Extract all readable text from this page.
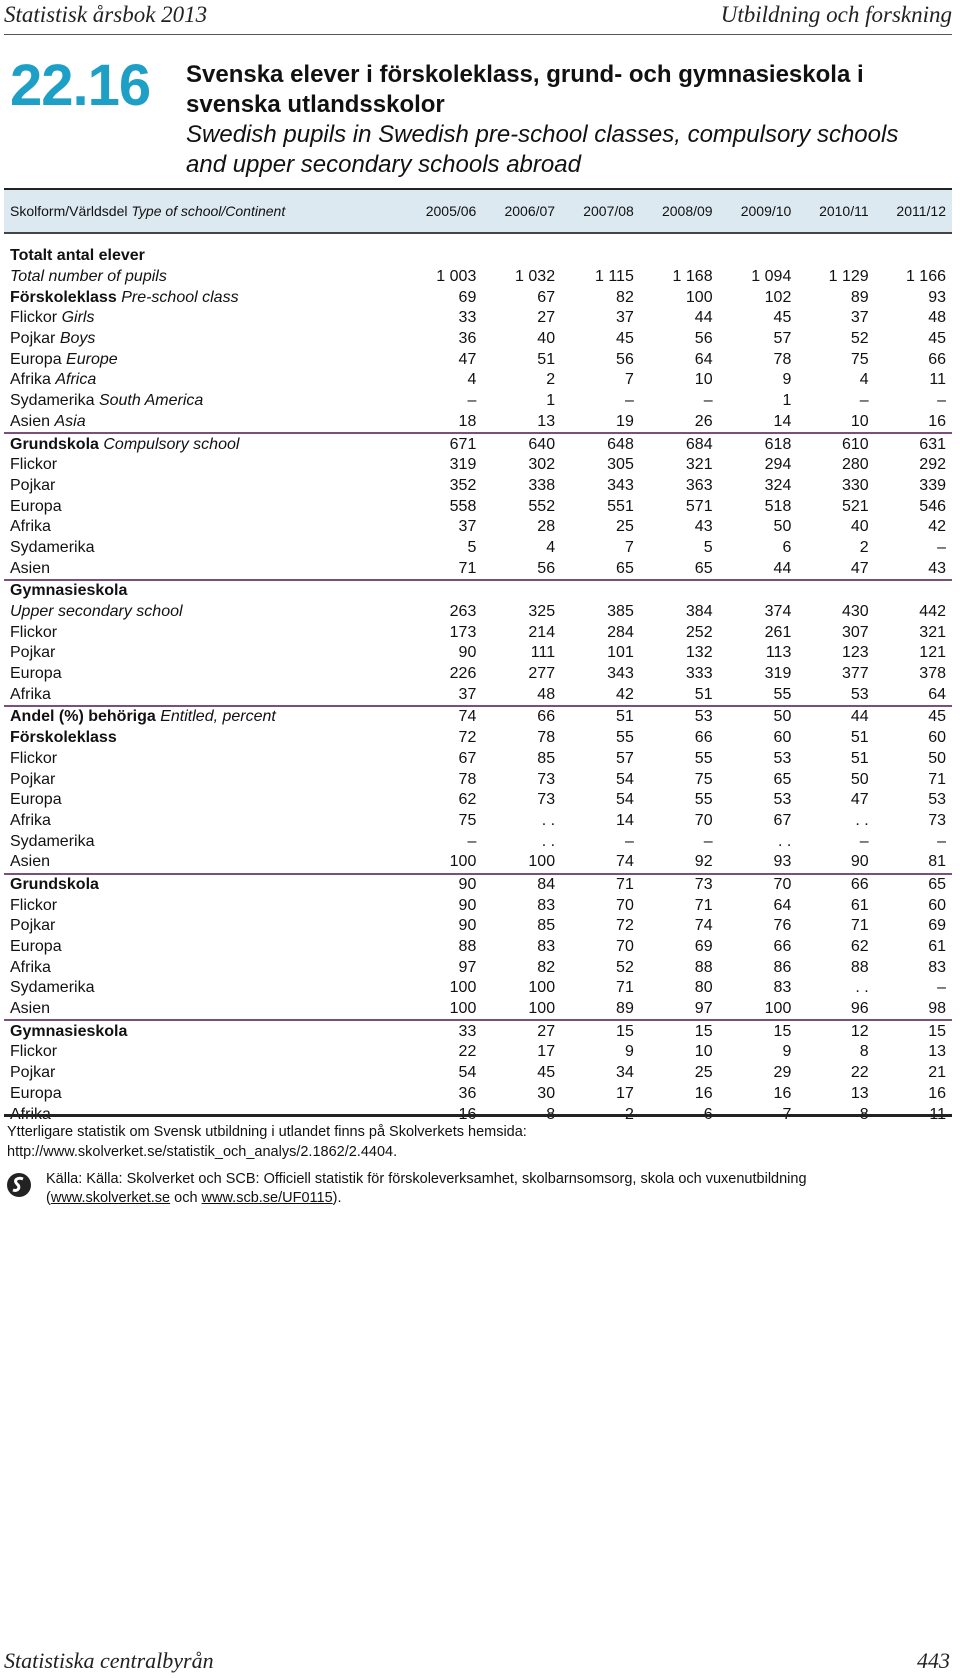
Statistisk årsbok 2013	Utbildning och forskning
22.16 Svenska elever i förskoleklass, grund- och gymnasieskola i
svenska utlandsskolor
Swedish pupils in Swedish pre-school classes, compulsory schools
and upper secondary schools abroad
Skolform/Världsdel Type of school/Continent	2005/06	2006/07	2007/08	2008/09	2009/10	2010/11	2011/12

Totalt antal elever							
Total number of pupils	1 003	1 032	1 115	1 168	1 094	1 129	1 166
Förskoleklass Pre-school class	69	67	82	100	102	89	93
Flickor Girls	33	27	37	44	45	37	48
Pojkar Boys	36	40	45	56	57	52	45
Europa Europe	47	51	56	64	78	75	66
Afrika Africa	4	2	7	10	9	4	11
Sydamerika South America	–	1	–	–	1	–	–
Asien Asia	18	13	19	26	14	10	16
Grundskola Compulsory school	671	640	648	684	618	610	631
Flickor	319	302	305	321	294	280	292
Pojkar	352	338	343	363	324	330	339
Europa	558	552	551	571	518	521	546
Afrika	37	28	25	43	50	40	42
Sydamerika	5	4	7	5	6	2	–
Asien	71	56	65	65	44	47	43
Gymnasieskola							
Upper secondary school	263	325	385	384	374	430	442
Flickor	173	214	284	252	261	307	321
Pojkar	90	111	101	132	113	123	121
Europa	226	277	343	333	319	377	378
Afrika	37	48	42	51	55	53	64
Andel (%) behöriga Entitled, percent	74	66	51	53	50	44	45
Förskoleklass	72	78	55	66	60	51	60
Flickor	67	85	57	55	53	51	50
Pojkar	78	73	54	75	65	50	71
Europa	62	73	54	55	53	47	53
Afrika	75	. .	14	70	67	. .	73
Sydamerika	–	. .	–	–	. .	–	–
Asien	100	100	74	92	93	90	81
Grundskola	90	84	71	73	70	66	65
Flickor	90	83	70	71	64	61	60
Pojkar	90	85	72	74	76	71	69
Europa	88	83	70	69	66	62	61
Afrika	97	82	52	88	86	88	83
Sydamerika	100	100	71	80	83	. .	–
Asien	100	100	89	97	100	96	98
Gymnasieskola	33	27	15	15	15	12	15
Flickor	22	17	9	10	9	8	13
Pojkar	54	45	34	25	29	22	21
Europa	36	30	17	16	16	13	16
Afrika	16	8	2	6	7	8	11
Ytterligare statistik om Svensk utbildning i utlandet finns på Skolverkets hemsida:
http://www.skolverket.se/statistik_och_analys/2.1862/2.4404.
Källa: Källa: Skolverket och SCB: Officiell statistik för förskoleverksamhet, skolbarnsomsorg, skola och vuxenutbildning
(www.skolverket.se och www.scb.se/UF0115).
Statistiska centralbyrån	443
